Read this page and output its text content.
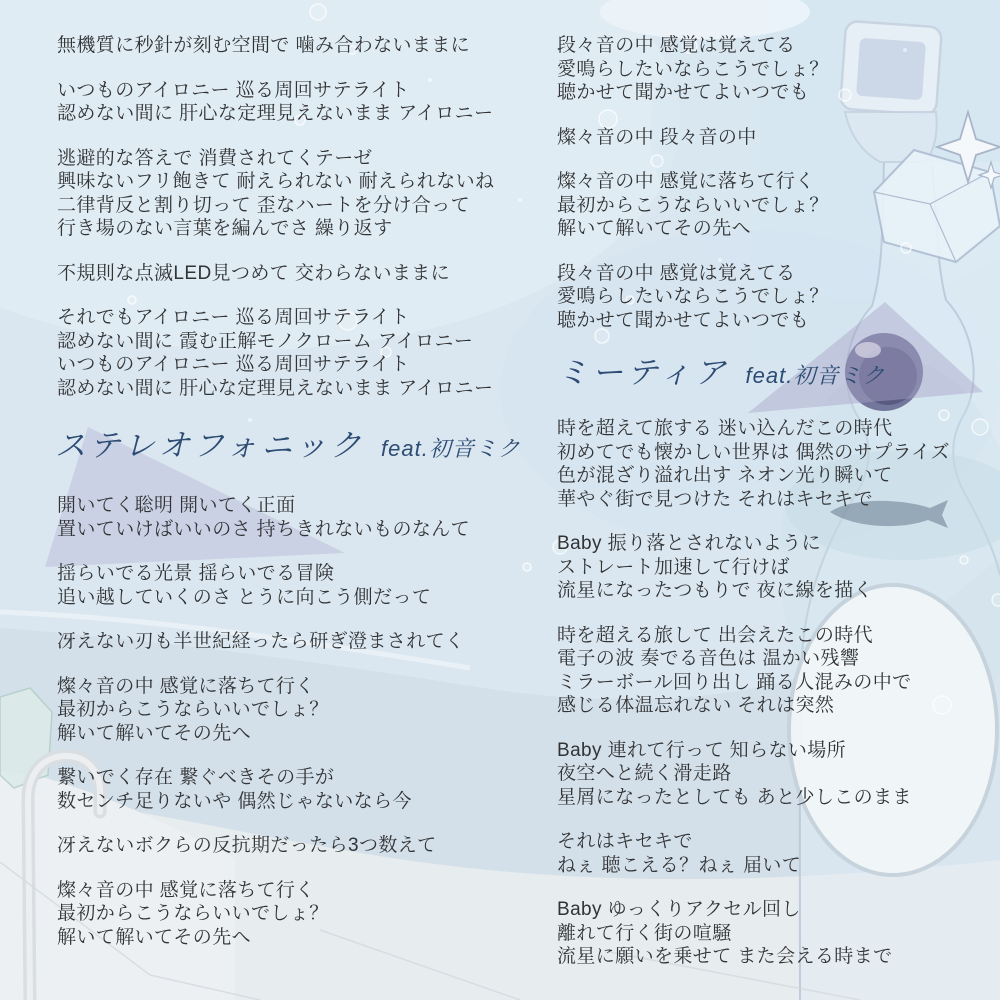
無機質に秒針が刻む空間で 噛み合わないままに

いつものアイロニー 巡る周回サテライト
認めない間に 肝心な定理見えないまま アイロニー

逃避的な答えで 消費されてくテーゼ
興味ないフリ飽きて 耐えられない 耐えられないね
二律背反と割り切って 歪なハートを分け合って
行き場のない言葉を編んでさ 繰り返す

不規則な点滅LED見つめて 交わらないままに

それでもアイロニー 巡る周回サテライト
認めない間に 霞む正解モノクローム アイロニー
いつものアイロニー 巡る周回サテライト
認めない間に 肝心な定理見えないまま アイロニー

ステレオフォニック feat.初音ミク

開いてく聡明 開いてく正面
置いていけばいいのさ 持ちきれないものなんて

揺らいでる光景 揺らいでる冒険
追い越していくのさ とうに向こう側だって

冴えない刃も半世紀経ったら研ぎ澄まされてく

燦々音の中 感覚に落ちて行く
最初からこうならいいでしょ？
解いて解いてその先へ

繋いでく存在 繋ぐべきその手が
数センチ足りないや 偶然じゃないなら今

冴えないボクらの反抗期だったら3つ数えて

燦々音の中 感覚に落ちて行く
最初からこうならいいでしょ？
解いて解いてその先へ

段々音の中 感覚は覚えてる
愛鳴らしたいならこうでしょ？
聴かせて聞かせてよいつでも

燦々音の中 段々音の中

燦々音の中 感覚に落ちて行く
最初からこうならいいでしょ？
解いて解いてその先へ

段々音の中 感覚は覚えてる
愛鳴らしたいならこうでしょ？
聴かせて聞かせてよいつでも

ミーティア feat.初音ミク

時を超えて旅する 迷い込んだこの時代
初めてでも懐かしい世界は 偶然のサプライズ
色が混ざり溢れ出す ネオン光り瞬いて
華やぐ街で見つけた それはキセキで

Baby 振り落とされないように
ストレート加速して行けば
流星になったつもりで 夜に線を描く

時を超える旅して 出会えたこの時代
電子の波 奏でる音色は 温かい残響
ミラーボール回り出し 踊る人混みの中で
感じる体温忘れない それは突然

Baby 連れて行って 知らない場所
夜空へと続く滑走路
星屑になったとしても あと少しこのまま

それはキセキで
ねぇ 聴こえる？ねぇ 届いて

Baby ゆっくりアクセル回し
離れて行く街の喧騒
流星に願いを乗せて また会える時まで
